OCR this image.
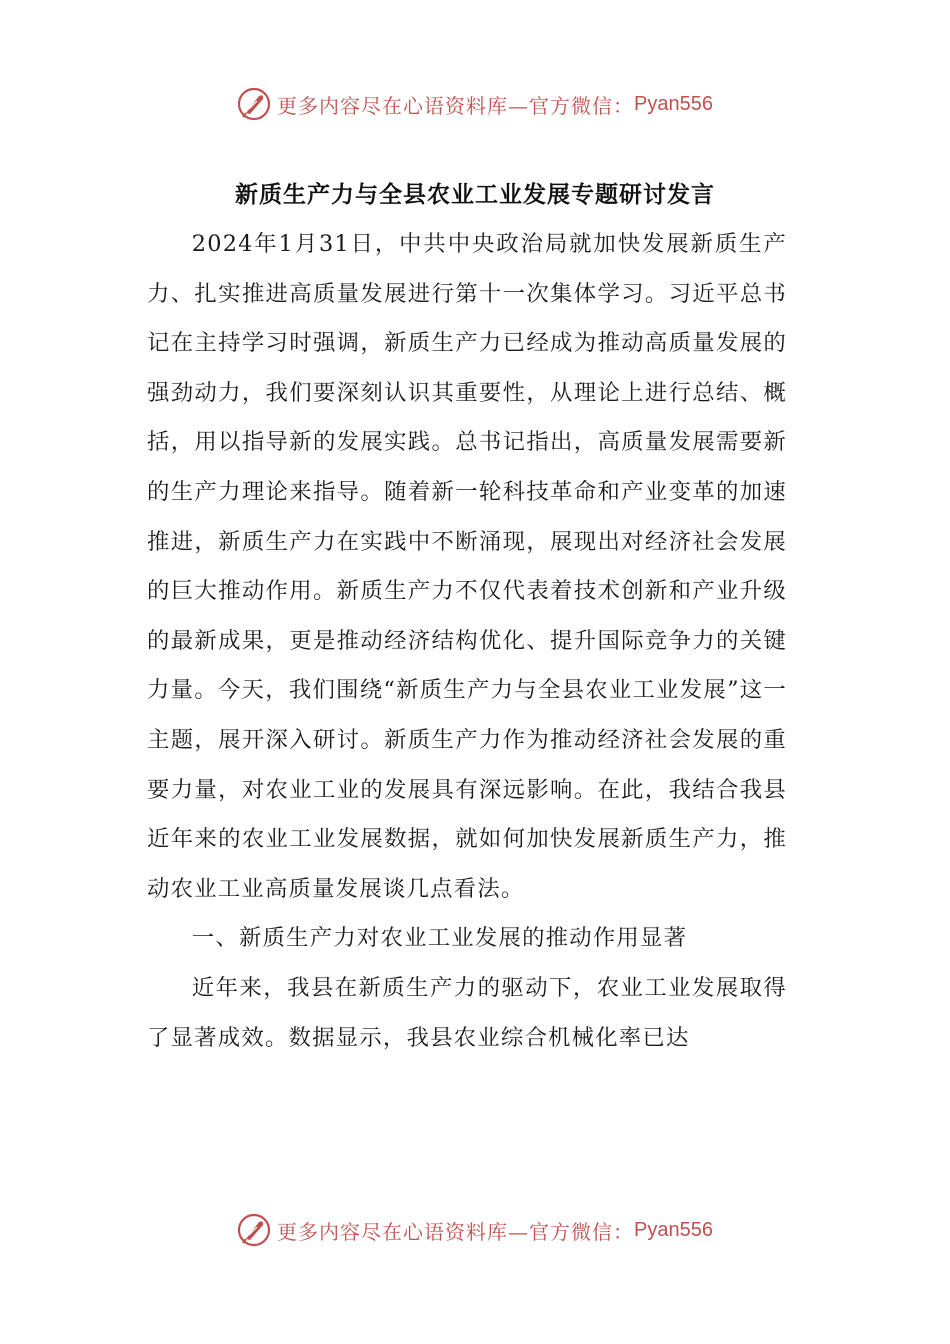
更多内容尽在心语资料库— 官方微信： Pyan556
新质生产力与全县农业工业发展专题研讨发言

2024年1月31日，中共中央政治局就加快发展新质生产力、扎实推进高质量发展进行第十一次集体学习。习近平总书记在主持学习时强调，新质生产力已经成为推动高质量发展的强劲动力，我们要深刻认识其重要性，从理论上进行总结、概括，用以指导新的发展实践。总书记指出，高质量发展需要新的生产力理论来指导。随着新一轮科技革命和产业变革的加速推进，新质生产力在实践中不断涌现，展现出对经济社会发展的巨大推动作用。新质生产力不仅代表着技术创新和产业升级的最新成果，更是推动经济结构优化、提升国际竞争力的关键力量。今天，我们围绕“新质生产力与全县农业工业发展”这一主题，展开深入研讨。新质生产力作为推动经济社会发展的重要力量，对农业工业的发展具有深远影响。在此，我结合我县近年来的农业工业发展数据，就如何加快发展新质生产力，推动农业工业高质量发展谈几点看法。

一、新质生产力对农业工业发展的推动作用显著

近年来，我县在新质生产力的驱动下，农业工业发展取得了显著成效。数据显示，我县农业综合机械化率已达

更多内容尽在心语资料库— 官方微信： Pyan556
